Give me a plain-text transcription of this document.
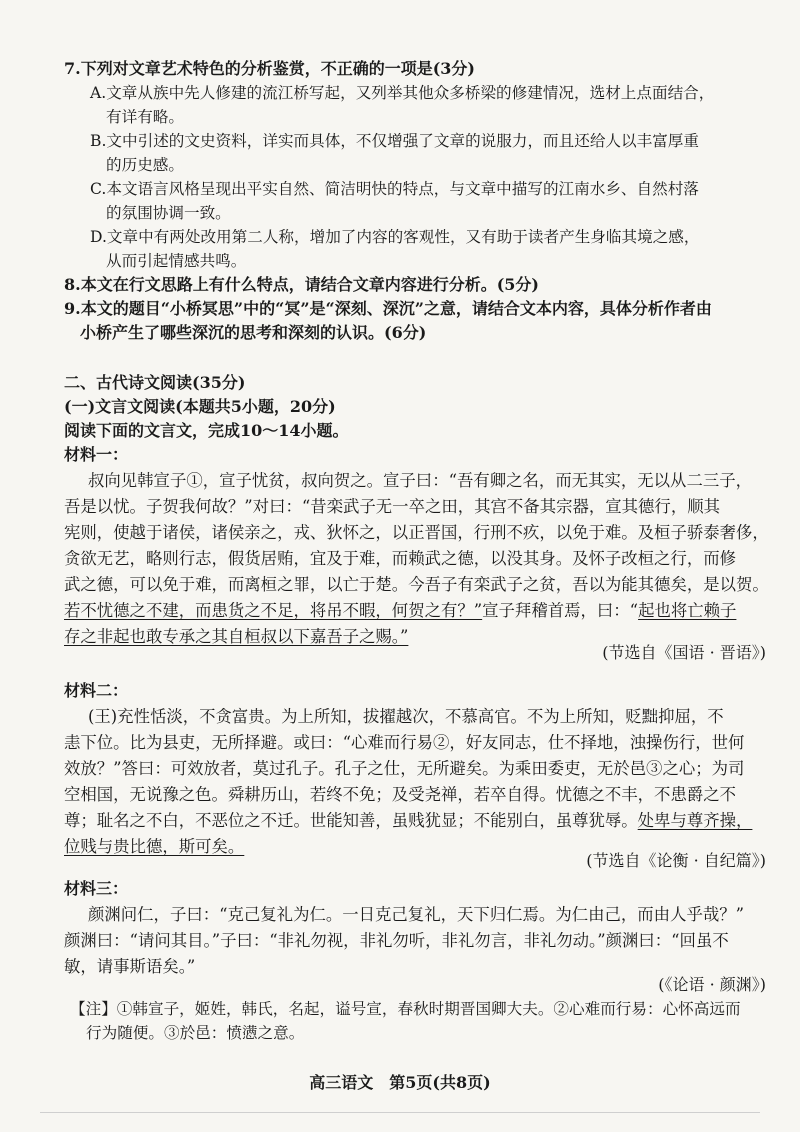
7.下列对文章艺术特色的分析鉴赏，不正确的一项是(3分)
A.文章从族中先人修建的流江桥写起，又列举其他众多桥梁的修建情况，选材上点面结合，
有详有略。
B.文中引述的文史资料，详实而具体，不仅增强了文章的说服力，而且还给人以丰富厚重
的历史感。
C.本文语言风格呈现出平实自然、简洁明快的特点，与文章中描写的江南水乡、自然村落
的氛围协调一致。
D.文章中有两处改用第二人称，增加了内容的客观性，又有助于读者产生身临其境之感，
从而引起情感共鸣。
8.本文在行文思路上有什么特点，请结合文章内容进行分析。(5分)
9.本文的题目“小桥冥思”中的“冥”是“深刻、深沉”之意，请结合文本内容，具体分析作者由
小桥产生了哪些深沉的思考和深刻的认识。(6分)
二、古代诗文阅读(35分)
(一)文言文阅读(本题共5小题，20分)
阅读下面的文言文，完成10～14小题。
材料一：
叔向见韩宣子①，宣子忧贫，叔向贺之。宣子曰：“吾有卿之名，而无其实，无以从二三子，
吾是以忧。子贺我何故？”对曰：“昔栾武子无一卒之田，其宫不备其宗器，宣其德行，顺其
宪则，使越于诸侯，诸侯亲之，戎、狄怀之，以正晋国，行刑不疚，以免于难。及桓子骄泰奢侈，
贪欲无艺，略则行志，假货居贿，宜及于难，而赖武之德，以没其身。及怀子改桓之行，而修
武之德，可以免于难，而离桓之罪，以亡于楚。今吾子有栾武子之贫，吾以为能其德矣，是以贺。
若不忧德之不建，而患货之不足，将吊不暇，何贺之有？”宣子拜稽首焉，曰：“起也将亡赖子
存之非起也敢专承之其自桓叔以下嘉吾子之赐。”
(节选自《国语 · 晋语》)
材料二：
(王)充性恬淡，不贪富贵。为上所知，拔擢越次，不慕高官。不为上所知，贬黜抑屈，不
恚下位。比为县吏，无所择避。或曰：“心难而行易②，好友同志，仕不择地，浊操伤行，世何
效放？”答曰：可效放者，莫过孔子。孔子之仕，无所避矣。为乘田委吏，无於邑③之心；为司
空相国，无说豫之色。舜耕历山，若终不免；及受尧禅，若卒自得。忧德之不丰，不患爵之不
尊；耻名之不白，不恶位之不迁。世能知善，虽贱犹显；不能别白，虽尊犹辱。处卑与尊齐操，
位贱与贵比德，斯可矣。
(节选自《论衡 · 自纪篇》)
材料三：
颜渊问仁，子曰：“克己复礼为仁。一日克己复礼，天下归仁焉。为仁由己，而由人乎哉？”
颜渊曰：“请问其目。”子曰：“非礼勿视，非礼勿听，非礼勿言，非礼勿动。”颜渊曰：“回虽不
敏，请事斯语矣。”
(《论语 · 颜渊》)
【注】①韩宣子，姬姓，韩氏，名起，谥号宣，春秋时期晋国卿大夫。②心难而行易：心怀高远而
行为随便。③於邑：愤懑之意。
高三语文　第5页(共8页)
